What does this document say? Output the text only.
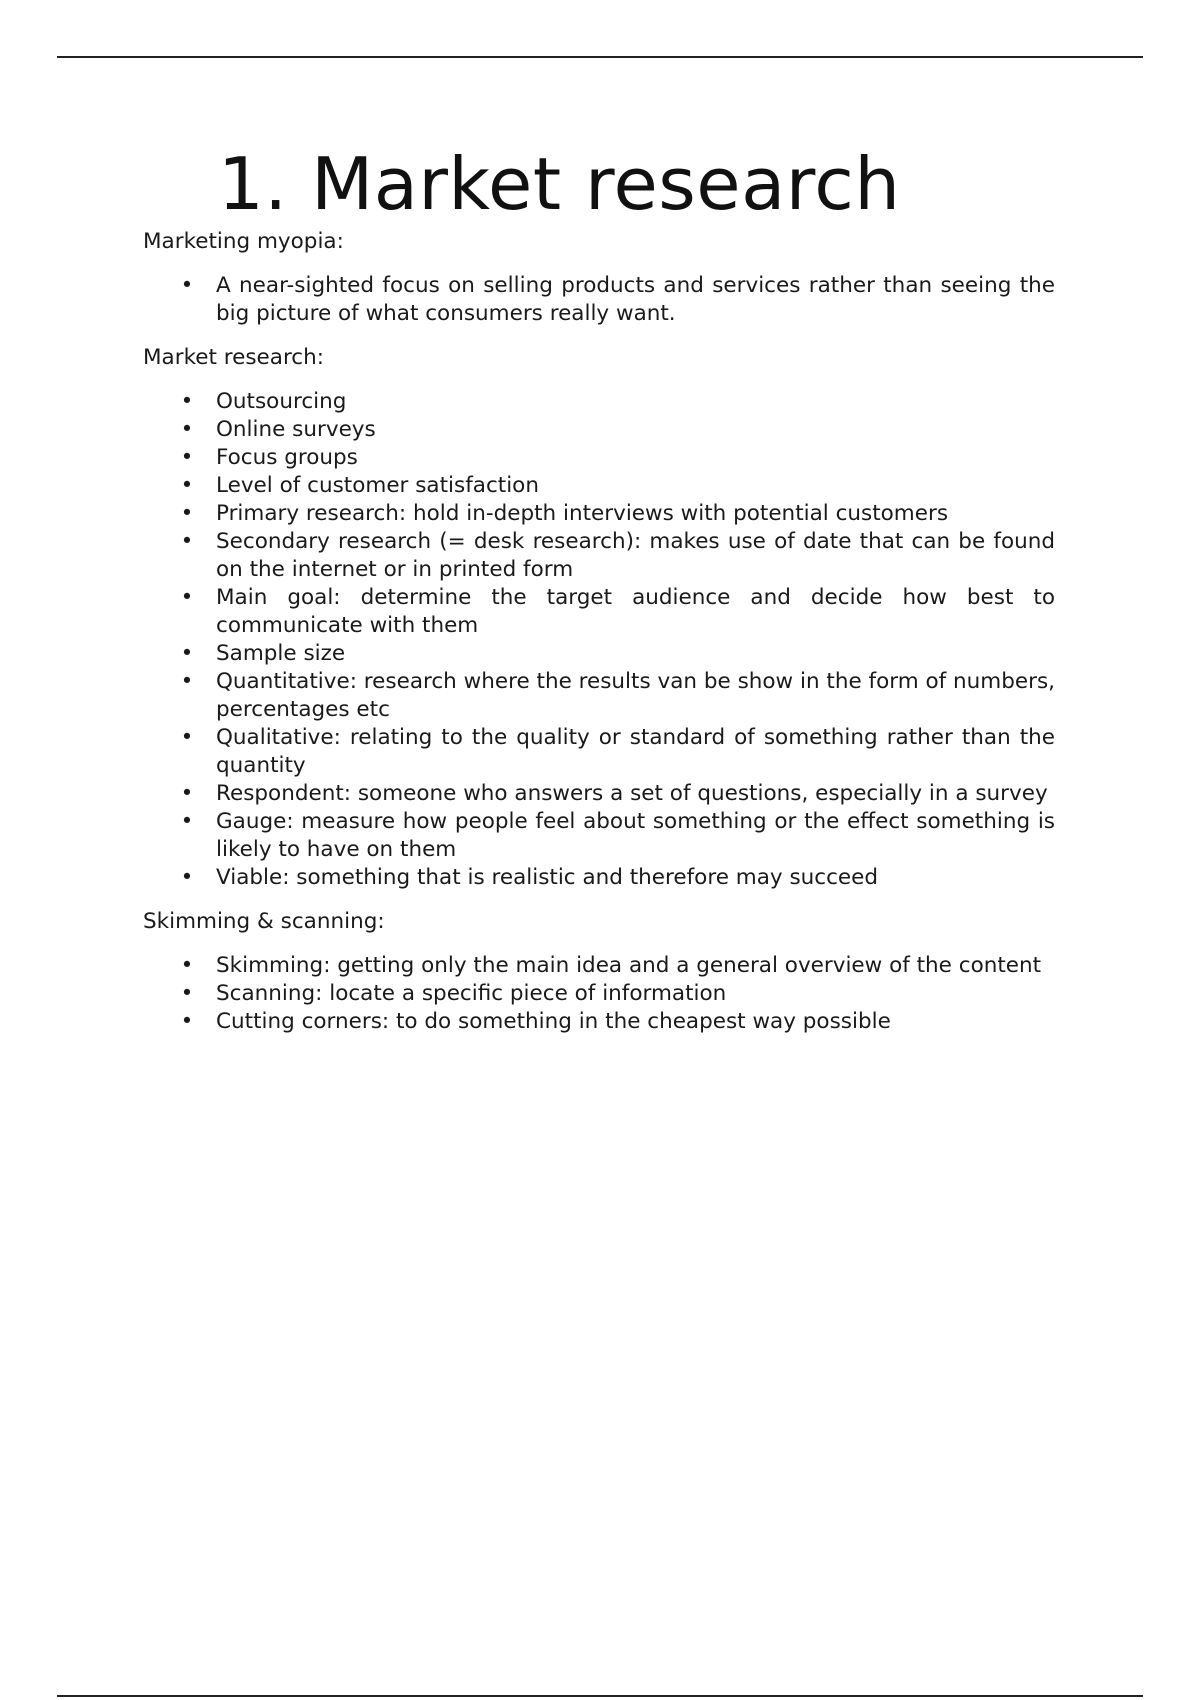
1. Market research

Marketing myopia:

• A near-sighted focus on selling products and services rather than seeing the big picture of what consumers really want.

Market research:

• Outsourcing
• Online surveys
• Focus groups
• Level of customer satisfaction
• Primary research: hold in-depth interviews with potential customers
• Secondary research (= desk research): makes use of date that can be found on the internet or in printed form
• Main goal: determine the target audience and decide how best to communicate with them
• Sample size
• Quantitative: research where the results van be show in the form of numbers, percentages etc
• Qualitative: relating to the quality or standard of something rather than the quantity
• Respondent: someone who answers a set of questions, especially in a survey
• Gauge: measure how people feel about something or the effect something is likely to have on them
• Viable: something that is realistic and therefore may succeed

Skimming & scanning:

• Skimming: getting only the main idea and a general overview of the content
• Scanning: locate a specific piece of information
• Cutting corners: to do something in the cheapest way possible
